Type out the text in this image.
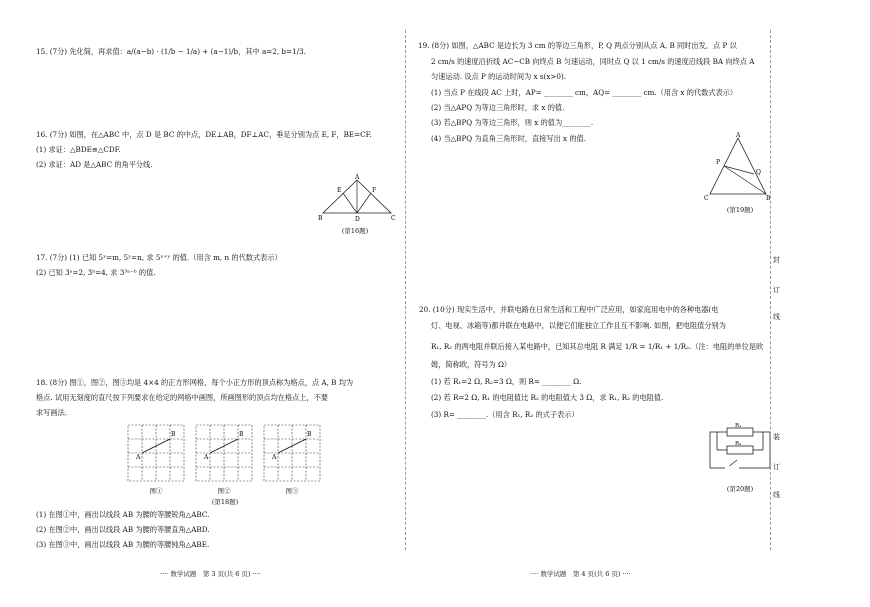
15. (7分) 先化简，再求值：a/(a−b) · (1/b − 1/a) + (a−1)/b，其中 a=2, b=1/3.
16. (7分) 如图，在△ABC 中，点 D 是 BC 的中点，DE⊥AB，DF⊥AC，垂足分别为点 E, F，BE=CF.
(1) 求证：△BDE≌△CDF.
(2) 求证：AD 是△ABC 的角平分线.
A
E	F
B	D	C
(第16题)
17. (7分) (1) 已知 5ˣ=m, 5ʸ=n, 求 5ˣ⁺ʸ 的值.（用含 m, n 的代数式表示）
(2) 已知 3ᵃ=2, 3ᵇ=4, 求 3³ᵃ⁻ᵇ 的值.
18. (8分) 图①，图②，图③均是 4×4 的正方形网格，每个小正方形的顶点称为格点，点 A, B 均为
格点. 试用无刻度的直尺按下列要求在给定的网格中画图，所画图形的顶点均在格点上，不要
求写画法.
A
B
A
B
A
B
图①	图②	图③
(第18题)
(1) 在图①中，画出以线段 AB 为腰的等腰锐角△ABC.
(2) 在图②中，画出以线段 AB 为腰的等腰直角△ABD.
(3) 在图③中，画出以线段 AB 为腰的等腰钝角△ABE.
···· 数学试题　第 3 页(共 6 页) ····
19. (8分) 如图，△ABC 是边长为 3 cm 的等边三角形，P, Q 两点分别从点 A, B 同时出发，点 P 以
2 cm/s 的速度沿折线 AC−CB 向终点 B 匀速运动，同时点 Q 以 1 cm/s 的速度沿线段 BA 向终点 A
匀速运动. 设点 P 的运动时间为 x s(x>0).
(1) 当点 P 在线段 AC 上时，AP= ________ cm，AQ= ________ cm.（用含 x 的代数式表示）
(2) 当△APQ 为等边三角形时，求 x 的值.
(3) 若△BPQ 为等边三角形，则 x 的值为________.
(4) 当△BPQ 为直角三角形时，直接写出 x 的值.	A
P
Q
C	B
(第19题)
20. (10分) 现实生活中，并联电路在日常生活和工程中广泛应用，如家庭用电中的各种电器(电
灯、电视、冰箱等)都并联在电路中，以便它们能独立工作且互不影响. 如图，把电阻值分别为
R₁, R₂ 的两电阻并联后接入某电路中，已知其总电阻 R 满足 1/R = 1/R₁ + 1/R₂.（注：电阻的单位是欧
姆，简称欧，符号为 Ω）
(1) 若 R₁=2 Ω, R₂=3 Ω，则 R= ________ Ω.
(2) 若 R=2 Ω, R₁ 的电阻值比 R₂ 的电阻值大 3 Ω，求 R₁, R₂ 的电阻值.
(3) R= ________.（用含 R₁, R₂ 的式子表示）
R₁
R₂
(第20题)
···· 数学试题　第 4 页(共 6 页) ····
封
订
线
装
订
线
